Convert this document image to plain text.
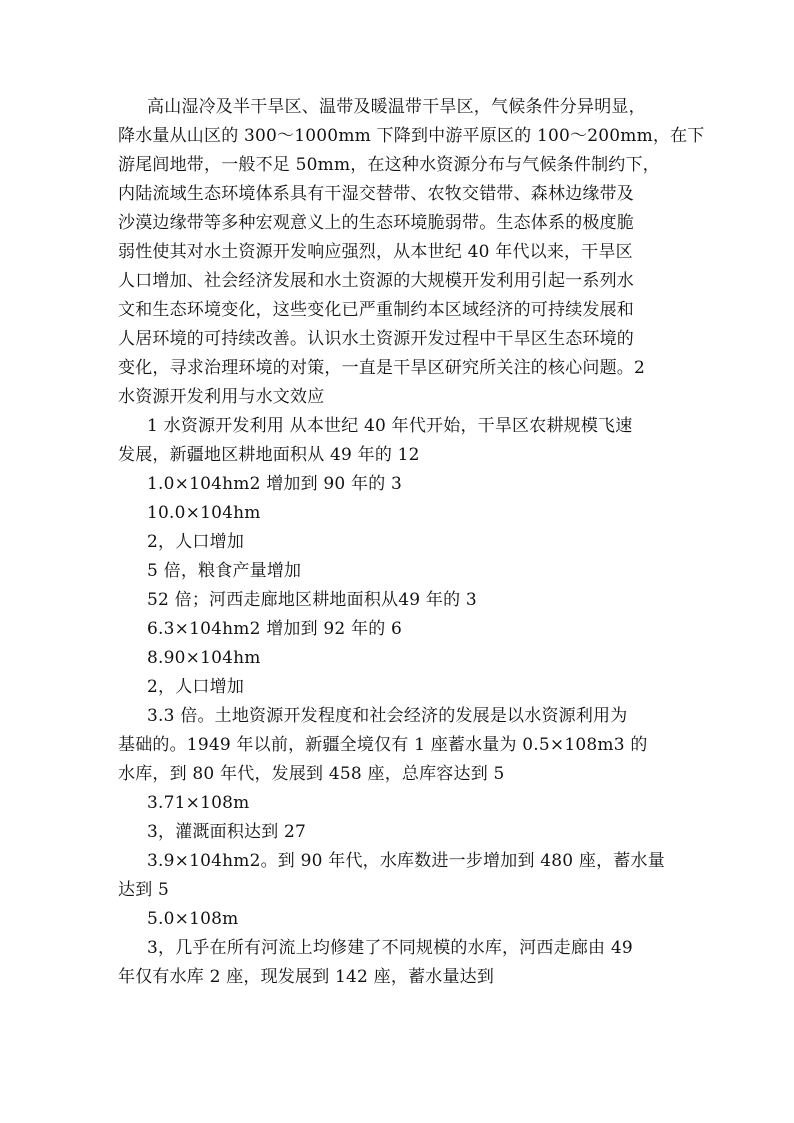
高山湿冷及半干旱区、温带及暖温带干旱区，气候条件分异明显，
降水量从山区的 300～1000mm 下降到中游平原区的 100～200mm，在下
游尾闾地带，一般不足 50mm，在这种水资源分布与气候条件制约下，
内陆流域生态环境体系具有干湿交替带、农牧交错带、森林边缘带及
沙漠边缘带等多种宏观意义上的生态环境脆弱带。生态体系的极度脆
弱性使其对水土资源开发响应强烈，从本世纪 40 年代以来，干旱区
人口增加、社会经济发展和水土资源的大规模开发利用引起一系列水
文和生态环境变化，这些变化已严重制约本区域经济的可持续发展和
人居环境的可持续改善。认识水土资源开发过程中干旱区生态环境的
变化，寻求治理环境的对策，一直是干旱区研究所关注的核心问题。2
水资源开发利用与水文效应
1 水资源开发利用 从本世纪 40 年代开始，干旱区农耕规模飞速
发展，新疆地区耕地面积从 49 年的 12
1.0×104hm2 增加到 90 年的 3
10.0×104hm
2，人口增加
5 倍，粮食产量增加
52 倍；河西走廊地区耕地面积从49 年的 3
6.3×104hm2 增加到 92 年的 6
8.90×104hm
2，人口增加
3.3 倍。土地资源开发程度和社会经济的发展是以水资源利用为
基础的。1949 年以前，新疆全境仅有 1 座蓄水量为 0.5×108m3 的
水库，到 80 年代，发展到 458 座，总库容达到 5
3.71×108m
3，灌溉面积达到 27
3.9×104hm2。到 90 年代，水库数进一步增加到 480 座，蓄水量
达到 5
5.0×108m
3，几乎在所有河流上均修建了不同规模的水库，河西走廊由 49
年仅有水库 2 座，现发展到 142 座，蓄水量达到
